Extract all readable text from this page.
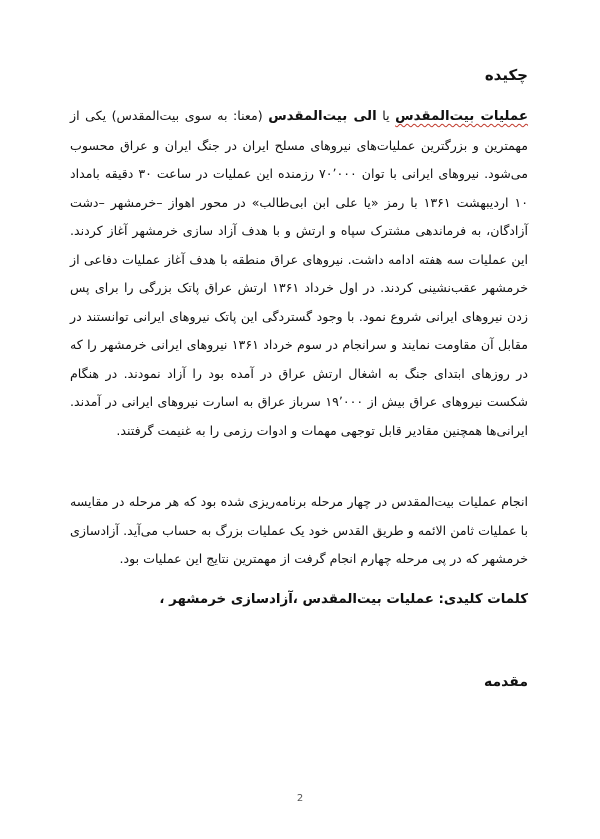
چکیده

عملیات بیت‌المقدس یا الی بیت‌المقدس (معنا: به سوی بیت‌المقدس) یکی از مهمترین و بزرگترین عملیات‌های نیروهای مسلح ایران در جنگ ایران و عراق محسوب می‌شود. نیروهای ایرانی با توان ۷۰٬۰۰۰ رزمنده این عملیات در ساعت ۳۰ دقیقه بامداد ۱۰ اردیبهشت ۱۳۶۱ با رمز «یا علی ابن ابی‌طالب» در محور اهواز –خرمشهر –دشت آزادگان، به فرماندهی مشترک سپاه و ارتش و با هدف آزاد سازی خرمشهر آغاز کردند. این عملیات سه هفته ادامه داشت. نیروهای عراق منطقه با هدف آغاز عملیات دفاعی از خرمشهر عقب‌نشینی کردند. در اول خرداد ۱۳۶۱ ارتش عراق پاتک بزرگی را برای پس زدن نیروهای ایرانی شروع نمود. با وجود گستردگی این پاتک نیروهای ایرانی توانستند در مقابل آن مقاومت نمایند و سرانجام در سوم خرداد ۱۳۶۱ نیروهای ایرانی خرمشهر را که در روزهای ابتدای جنگ به اشغال ارتش عراق در آمده بود را آزاد نمودند. در هنگام شکست نیروهای عراق بیش از ۱۹٬۰۰۰ سرباز عراق به اسارت نیروهای ایرانی در آمدند. ایرانی‌ها همچنین مقادیر قابل توجهی مهمات و ادوات رزمی را به غنیمت گرفتند.

انجام عملیات بیت‌المقدس در چهار مرحله برنامه‌ریزی شده بود که هر مرحله در مقایسه با عملیات ثامن الائمه و طریق القدس خود یک عملیات بزرگ به حساب می‌آید. آزادسازی خرمشهر که در پی مرحله چهارم انجام گرفت از مهمترین نتایج این عملیات بود.

کلمات کلیدی: عملیات بیت‌المقدس ،آزادسازی خرمشهر ،
مقدمه
2
